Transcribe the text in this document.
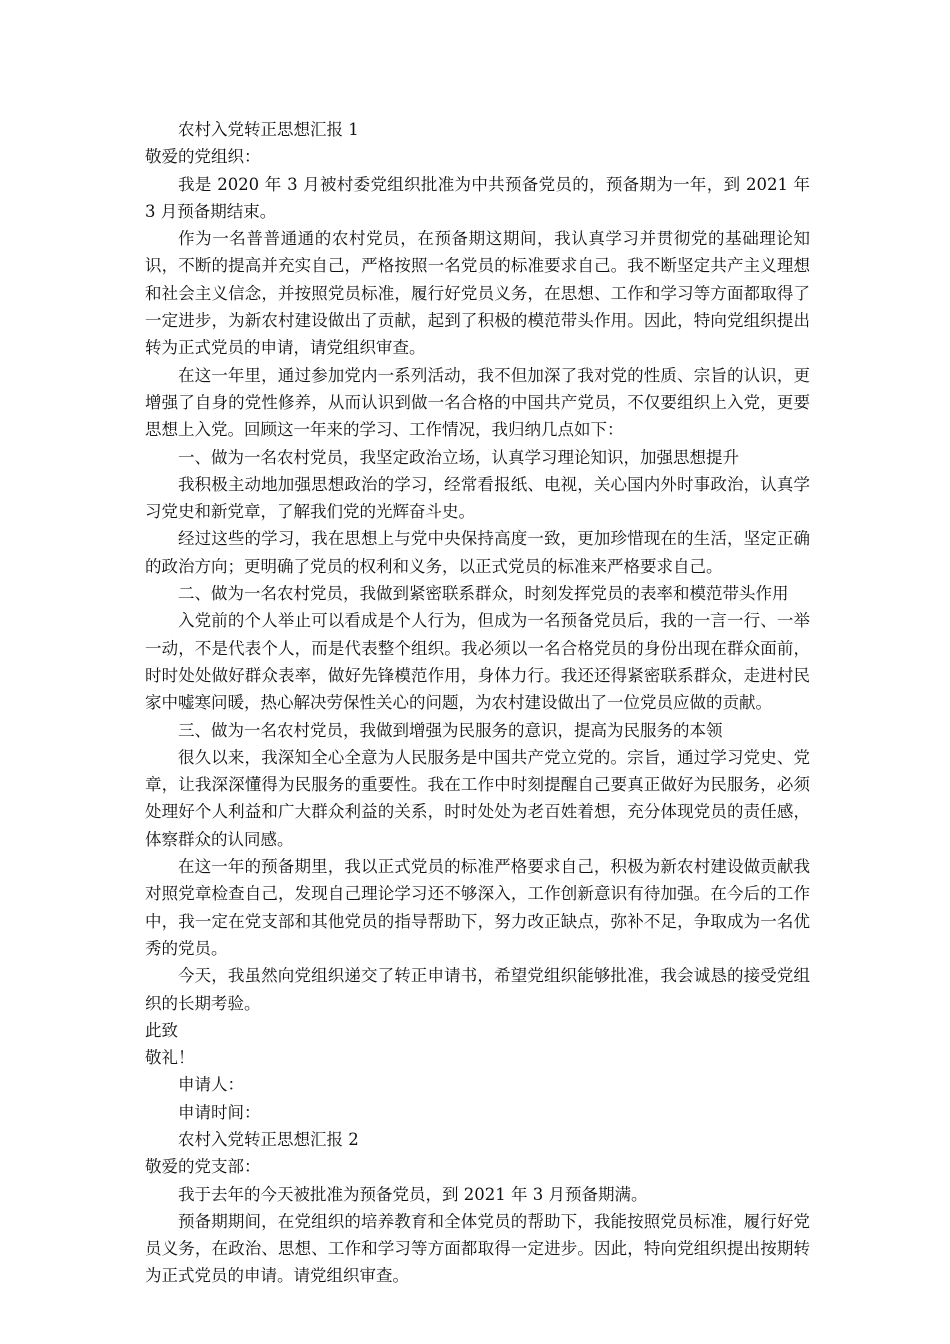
农村入党转正思想汇报 1

敬爱的党组织：

我是 2020 年 3 月被村委党组织批准为中共预备党员的，预备期为一年，到 2021 年 3 月预备期结束。

作为一名普普通通的农村党员，在预备期这期间，我认真学习并贯彻党的基础理论知识，不断的提高并充实自己，严格按照一名党员的标准要求自己。我不断坚定共产主义理想和社会主义信念，并按照党员标准，履行好党员义务，在思想、工作和学习等方面都取得了一定进步，为新农村建设做出了贡献，起到了积极的模范带头作用。因此，特向党组织提出转为正式党员的申请，请党组织审查。

在这一年里，通过参加党内一系列活动，我不但加深了我对党的性质、宗旨的认识，更增强了自身的党性修养，从而认识到做一名合格的中国共产党员，不仅要组织上入党，更要思想上入党。回顾这一年来的学习、工作情况，我归纳几点如下：

一、做为一名农村党员，我坚定政治立场，认真学习理论知识，加强思想提升

我积极主动地加强思想政治的学习，经常看报纸、电视，关心国内外时事政治，认真学习党史和新党章，了解我们党的光辉奋斗史。

经过这些的学习，我在思想上与党中央保持高度一致，更加珍惜现在的生活，坚定正确的政治方向；更明确了党员的权利和义务，以正式党员的标准来严格要求自己。

二、做为一名农村党员，我做到紧密联系群众，时刻发挥党员的表率和模范带头作用

入党前的个人举止可以看成是个人行为，但成为一名预备党员后，我的一言一行、一举一动，不是代表个人，而是代表整个组织。我必须以一名合格党员的身份出现在群众面前，时时处处做好群众表率，做好先锋模范作用，身体力行。我还还得紧密联系群众，走进村民家中嘘寒问暖，热心解决劳保性关心的问题，为农村建设做出了一位党员应做的贡献。

三、做为一名农村党员，我做到增强为民服务的意识，提高为民服务的本领

很久以来，我深知全心全意为人民服务是中国共产党立党的。宗旨，通过学习党史、党章，让我深深懂得为民服务的重要性。我在工作中时刻提醒自己要真正做好为民服务，必须处理好个人利益和广大群众利益的关系，时时处处为老百姓着想，充分体现党员的责任感，体察群众的认同感。

在这一年的预备期里，我以正式党员的标准严格要求自己，积极为新农村建设做贡献我对照党章检查自己，发现自己理论学习还不够深入，工作创新意识有待加强。在今后的工作中，我一定在党支部和其他党员的指导帮助下，努力改正缺点，弥补不足，争取成为一名优秀的党员。

今天，我虽然向党组织递交了转正申请书，希望党组织能够批准，我会诚恳的接受党组织的长期考验。

此致

敬礼！

申请人：

申请时间：

农村入党转正思想汇报 2

敬爱的党支部：

我于去年的今天被批准为预备党员，到 2021 年 3 月预备期满。

预备期期间，在党组织的培养教育和全体党员的帮助下，我能按照党员标准，履行好党员义务，在政治、思想、工作和学习等方面都取得一定进步。因此，特向党组织提出按期转为正式党员的申请。请党组织审查。
